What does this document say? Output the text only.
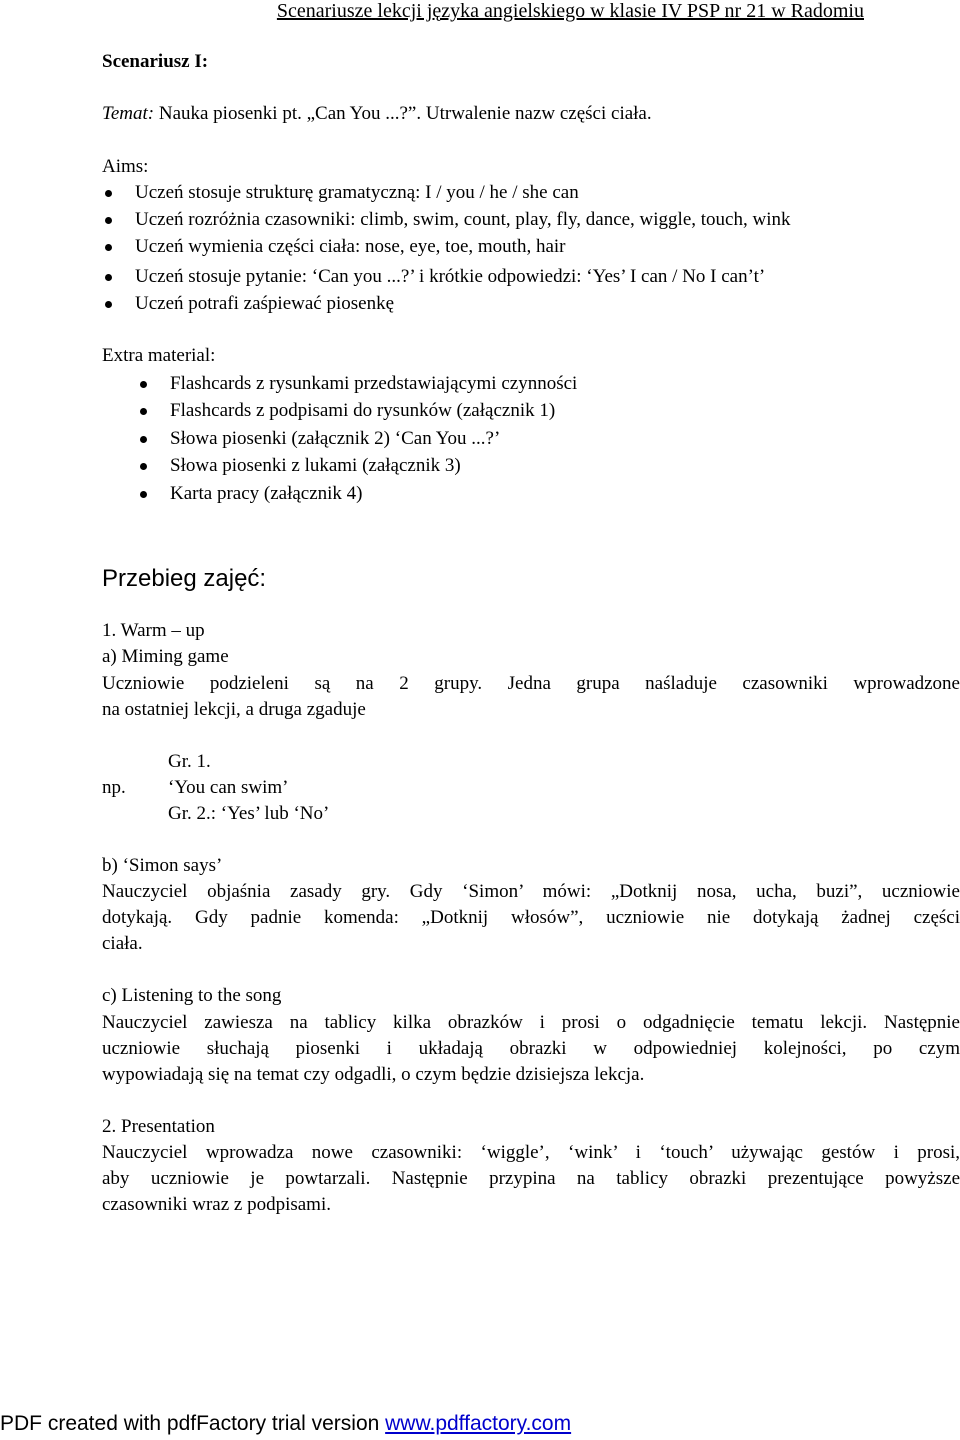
Scenariusze lekcji języka angielskiego w klasie IV PSP nr 21 w Radomiu
Scenariusz I:
Temat: Nauka piosenki pt. „Can You ...?”. Utrwalenie nazw części ciała.
Aims:
Uczeń stosuje strukturę gramatyczną: I / you / he / she can
Uczeń rozróżnia czasowniki: climb, swim, count, play, fly, dance, wiggle, touch, wink
Uczeń wymienia części ciała: nose, eye, toe, mouth, hair
Uczeń stosuje pytanie: ‘Can you ...?’ i krótkie odpowiedzi: ‘Yes’ I can / No I can’t’
Uczeń potrafi zaśpiewać piosenkę
Extra material:
Flashcards z rysunkami przedstawiającymi czynności
Flashcards z podpisami do rysunków (załącznik 1)
Słowa piosenki (załącznik 2) ‘Can You ...?’
Słowa piosenki z lukami (załącznik 3)
Karta pracy (załącznik 4)
Przebieg zajęć:
1. Warm – up
a) Miming game
Uczniowie podzieleni są na 2 grupy. Jedna grupa naśladuje czasowniki wprowadzone
na ostatniej lekcji, a druga zgaduje
Gr. 1.
np. ‘You can swim’
Gr. 2.: ‘Yes’ lub ‘No’
b) ‘Simon says’
Nauczyciel objaśnia zasady gry. Gdy ‘Simon’ mówi: „Dotknij nosa, ucha, buzi”, uczniowie
dotykają. Gdy padnie komenda: „Dotknij włosów”, uczniowie nie dotykają żadnej części
ciała.
c) Listening to the song
Nauczyciel zawiesza na tablicy kilka obrazków i prosi o odgadnięcie tematu lekcji. Następnie
uczniowie słuchają piosenki i układają obrazki w odpowiedniej kolejności, po czym
wypowiadają się na temat czy odgadli, o czym będzie dzisiejsza lekcja.
2. Presentation
Nauczyciel wprowadza nowe czasowniki: ‘wiggle’, ‘wink’ i ‘touch’ używając gestów i prosi,
aby uczniowie je powtarzali. Następnie przypina na tablicy obrazki prezentujące powyższe
czasowniki wraz z podpisami.
PDF created with pdfFactory trial version www.pdffactory.com
